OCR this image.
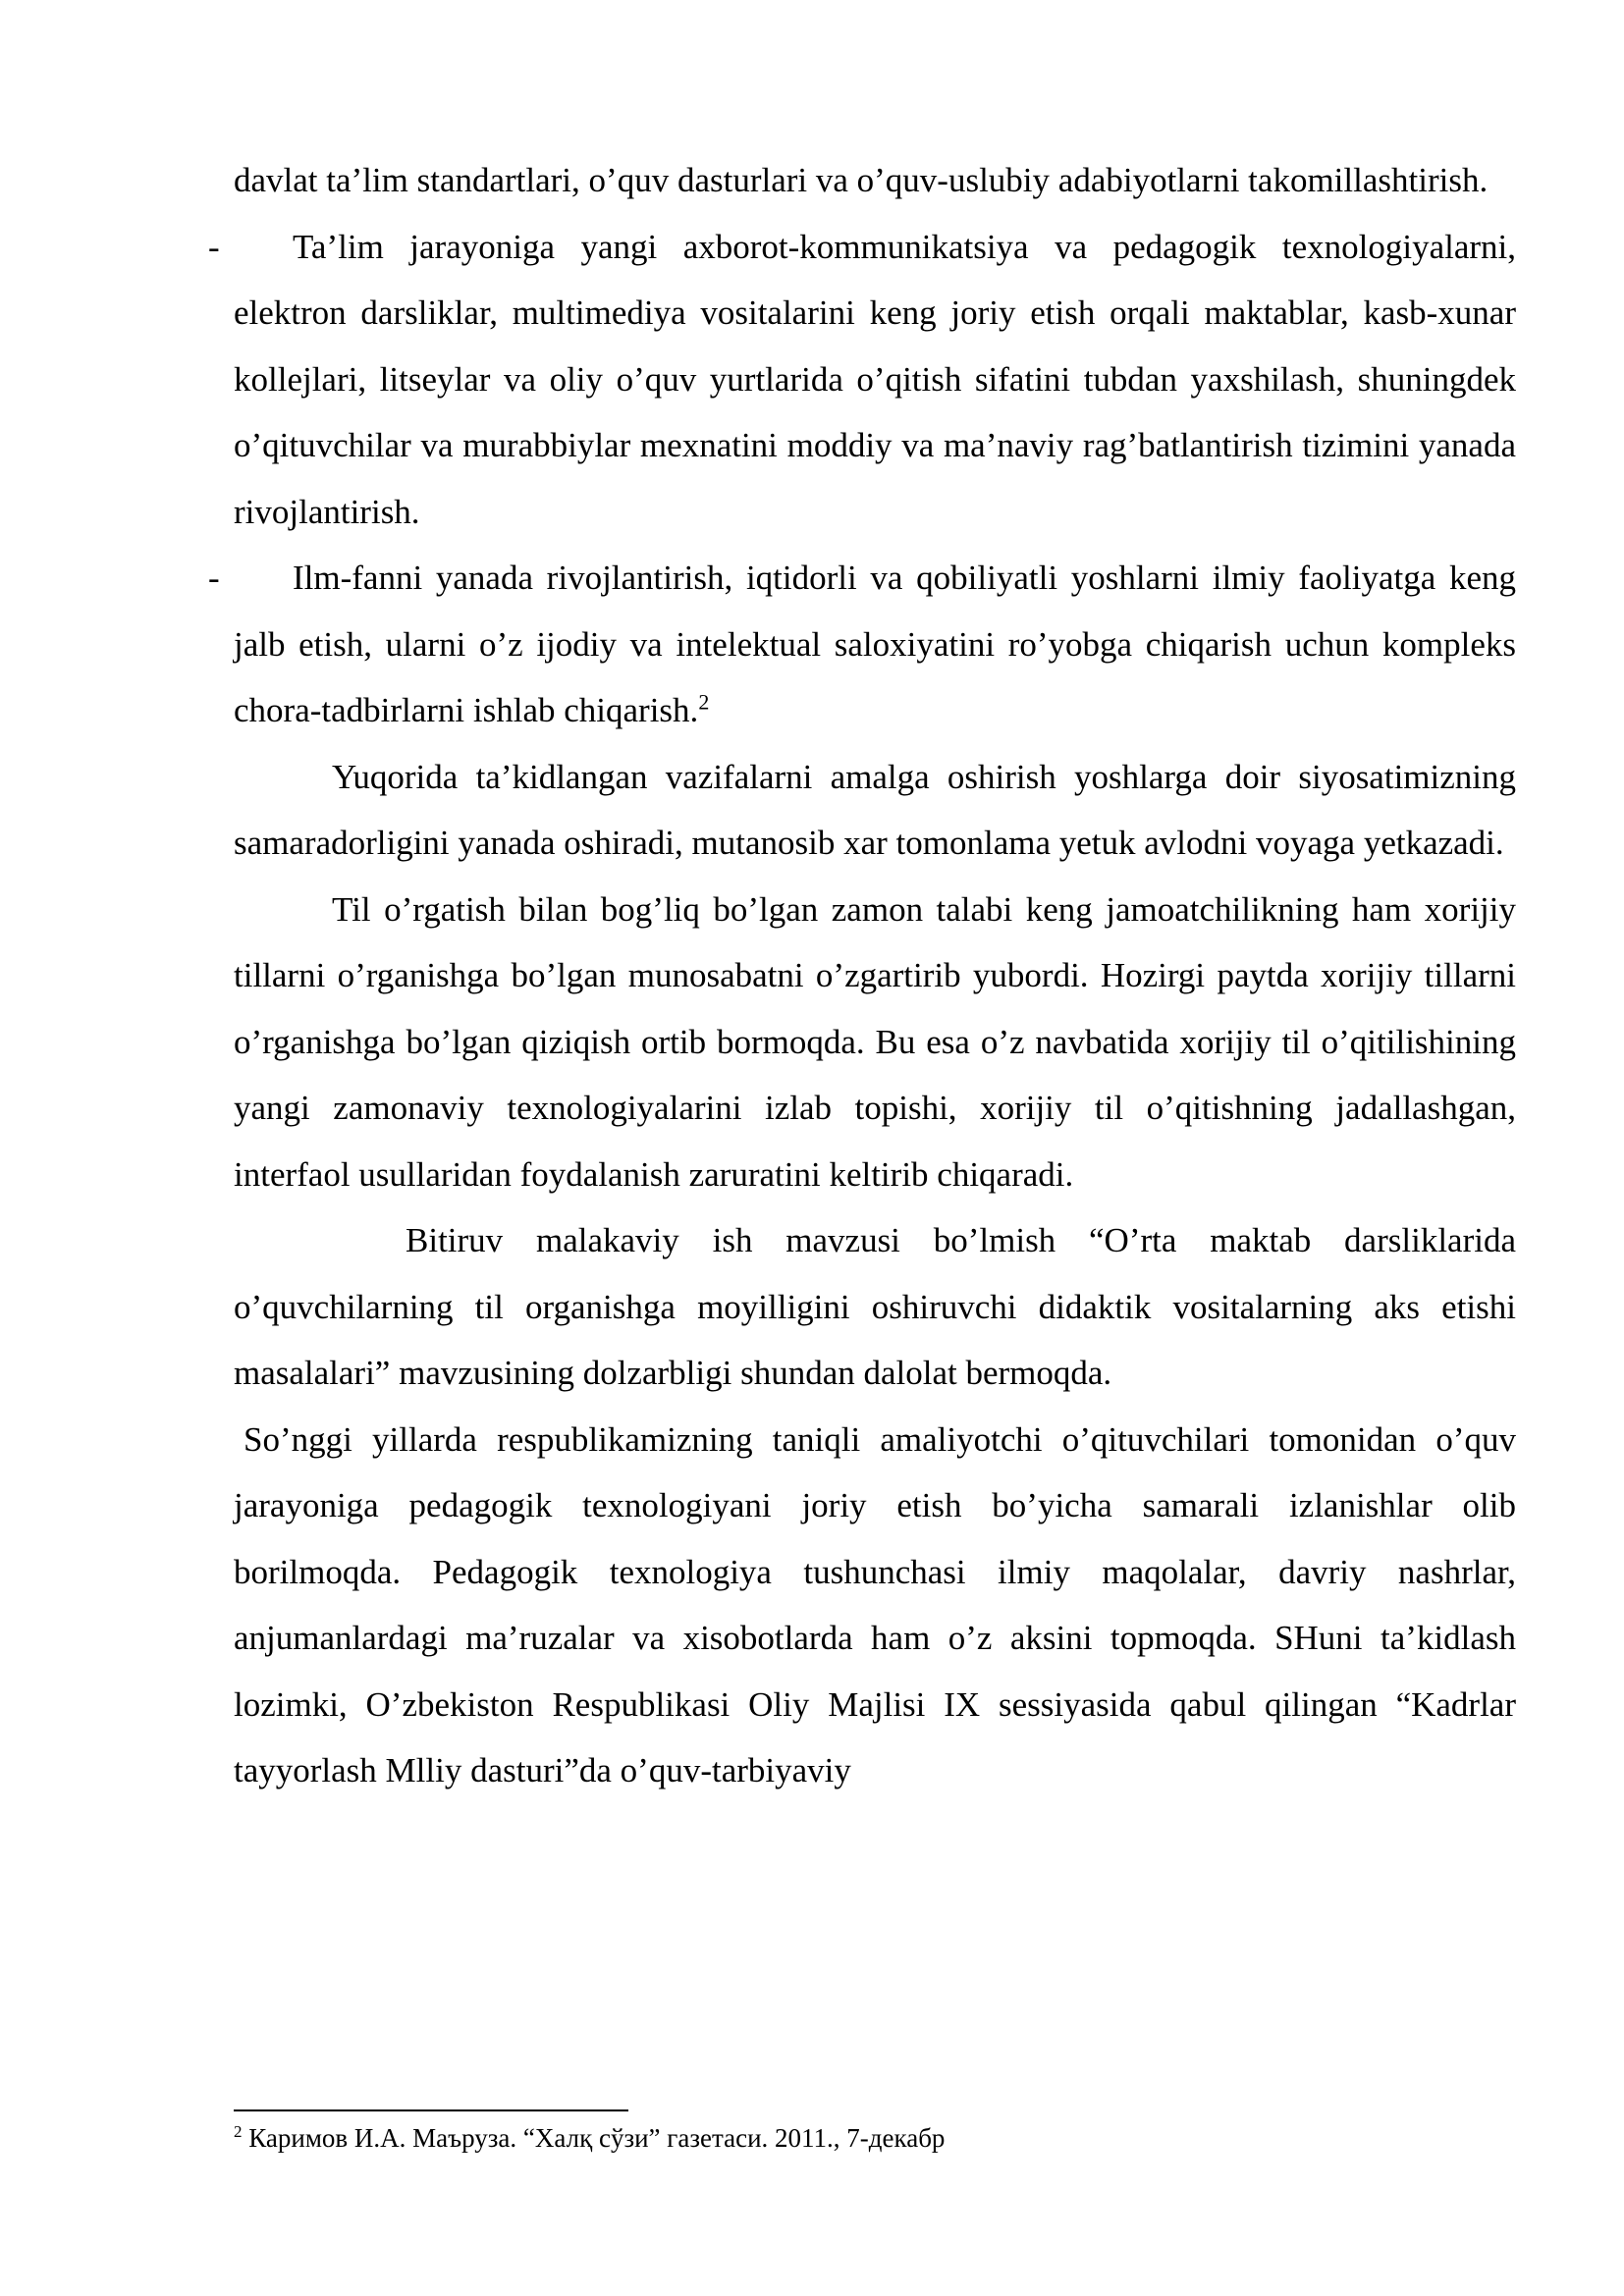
davlat ta’lim standartlari, o’quv dasturlari va o’quv-uslubiy adabiyotlarni takomillashtirish.

- Ta’lim jarayoniga yangi axborot-kommunikatsiya va pedagogik texnologiyalarni, elektron darsliklar, multimediya vositalarini keng joriy etish orqali maktablar, kasb-xunar kollejlari, litseylar va oliy o’quv yurtlarida o’qitish sifatini tubdan yaxshilash, shuningdek o’qituvchilar va murabbiylar mexnatini moddiy va ma’naviy rag’batlantirish tizimini yanada rivojlantirish.

- Ilm-fanni yanada rivojlantirish, iqtidorli va qobiliyatli yoshlarni ilmiy faoliyatga keng jalb etish, ularni o’z ijodiy va intelektual saloxiyatini ro’yobga chiqarish uchun kompleks chora-tadbirlarni ishlab chiqarish.$^2$

Yuqorida ta’kidlangan vazifalarni amalga oshirish yoshlarga doir siyosatimizning samaradorligini yanada oshiradi, mutanosib xar tomonlama yetuk avlodni voyaga yetkazadi.

Til o’rgatish bilan bog’liq bo’lgan zamon talabi keng jamoatchilikning ham xorijiy tillarni o’rganishga bo’lgan munosabatni o’zgartirib yubordi. Hozirgi paytda xorijiy tillarni o’rganishga bo’lgan qiziqish ortib bormoqda. Bu esa o’z navbatida xorijiy til o’qitilishining yangi zamonaviy texnologiyalarini izlab topishi, xorijiy til o’qitishning jadallashgan, interfaol usullaridan foydalanish zaruratini keltirib chiqaradi.

Bitiruv malakaviy ish mavzusi bo’lmish “O’rta maktab darsliklarida o’quvchilarning til organishga moyilligini oshiruvchi didaktik vositalarning aks etishi masalalari” mavzusining dolzarbligi shundan dalolat bermoqda.

So’nggi yillarda respublikamizning taniqli amaliyotchi o’qituvchilari tomonidan o’quv jarayoniga pedagogik texnologiyani joriy etish bo’yicha samarali izlanishlar olib borilmoqda. Pedagogik texnologiya tushunchasi ilmiy maqolalar, davriy nashrlar, anjumanlardagi ma’ruzalar va xisobotlarda ham o’z aksini topmoqda. SHuni ta’kidlash lozimki, O’zbekiston Respublikasi Oliy Majlisi IX sessiyasida qabul qilingan “Kadrlar tayyorlash Mlliy dasturi”da o’quv-tarbiyaviy

$^2$ Каримов И.А. Маъруза. “Халқ сўзи” газетаси. 2011., 7-декабр
